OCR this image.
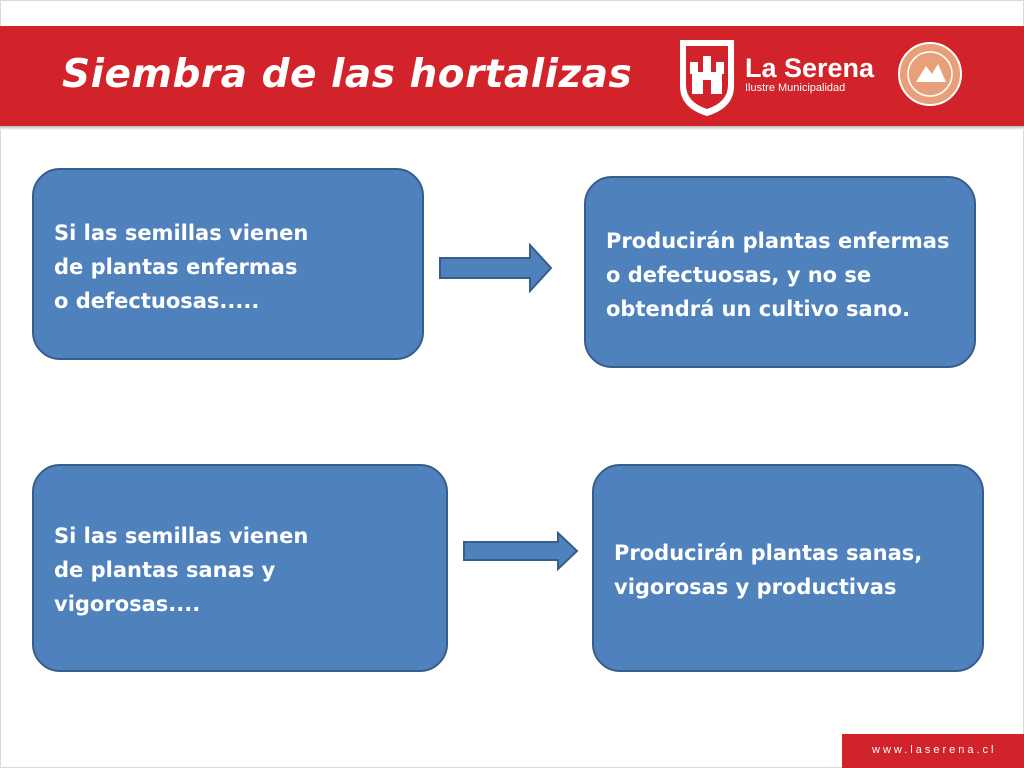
Siembra de las hortalizas	La Serena
Ilustre Municipalidad
Si las semillas vienen
de plantas enfermas
o defectuosas.....
Producirán plantas enfermas
o defectuosas, y no se
obtendrá un cultivo sano.
Si las semillas vienen
de plantas sanas y
vigorosas....
Producirán plantas sanas,
vigorosas y productivas
www.laserena.cl
